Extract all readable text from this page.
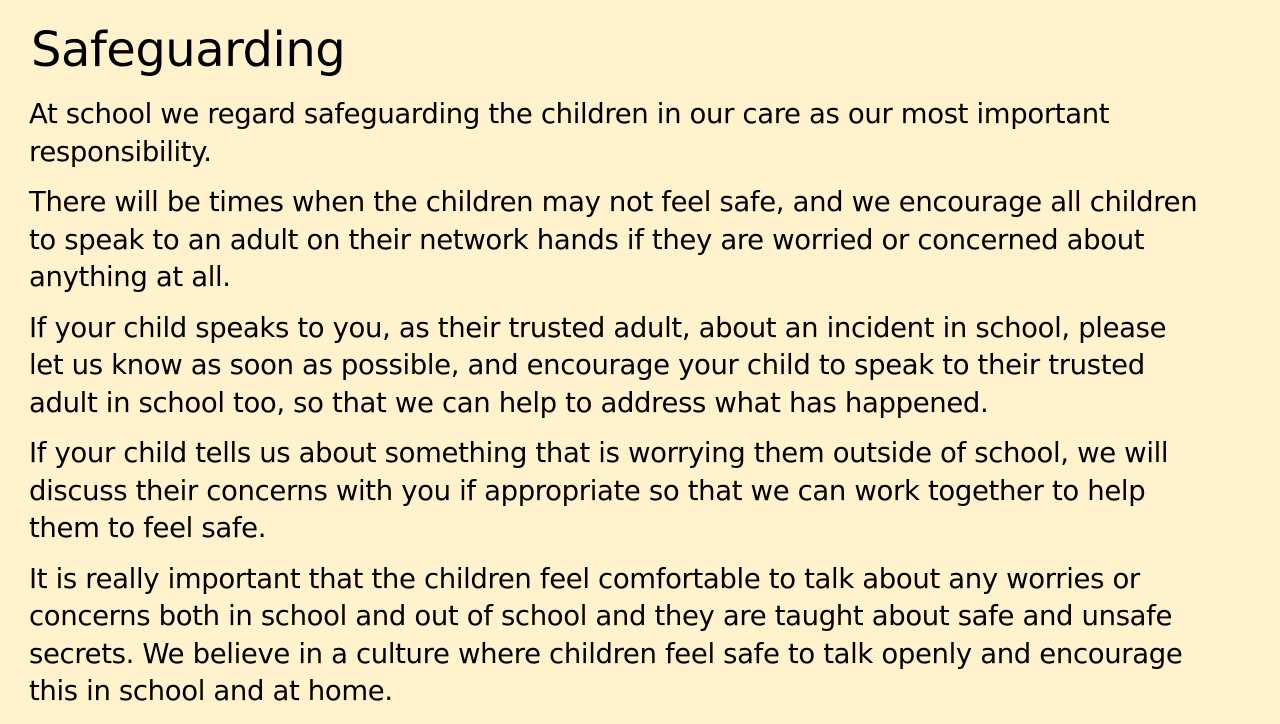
Safeguarding

At school we regard safeguarding the children in our care as our most important
responsibility.

There will be times when the children may not feel safe, and we encourage all children
to speak to an adult on their network hands if they are worried or concerned about
anything at all.

If your child speaks to you, as their trusted adult, about an incident in school, please
let us know as soon as possible, and encourage your child to speak to their trusted
adult in school too, so that we can help to address what has happened.

If your child tells us about something that is worrying them outside of school, we will
discuss their concerns with you if appropriate so that we can work together to help
them to feel safe.

It is really important that the children feel comfortable to talk about any worries or
concerns both in school and out of school and they are taught about safe and unsafe
secrets. We believe in a culture where children feel safe to talk openly and encourage
this in school and at home.
